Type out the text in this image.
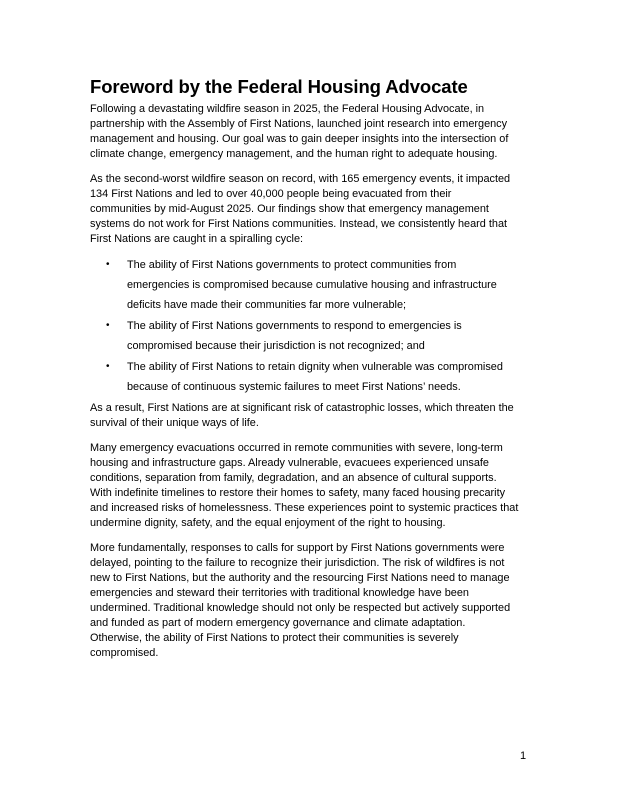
Foreword by the Federal Housing Advocate

Following a devastating wildfire season in 2025, the Federal Housing Advocate, in
partnership with the Assembly of First Nations, launched joint research into emergency
management and housing. Our goal was to gain deeper insights into the intersection of
climate change, emergency management, and the human right to adequate housing.

As the second-worst wildfire season on record, with 165 emergency events, it impacted
134 First Nations and led to over 40,000 people being evacuated from their
communities by mid-August 2025. Our findings show that emergency management
systems do not work for First Nations communities. Instead, we consistently heard that
First Nations are caught in a spiralling cycle:

• The ability of First Nations governments to protect communities from
emergencies is compromised because cumulative housing and infrastructure
deficits have made their communities far more vulnerable;
• The ability of First Nations governments to respond to emergencies is
compromised because their jurisdiction is not recognized; and
• The ability of First Nations to retain dignity when vulnerable was compromised
because of continuous systemic failures to meet First Nations’ needs.

As a result, First Nations are at significant risk of catastrophic losses, which threaten the
survival of their unique ways of life.

Many emergency evacuations occurred in remote communities with severe, long-term
housing and infrastructure gaps. Already vulnerable, evacuees experienced unsafe
conditions, separation from family, degradation, and an absence of cultural supports.
With indefinite timelines to restore their homes to safety, many faced housing precarity
and increased risks of homelessness. These experiences point to systemic practices that
undermine dignity, safety, and the equal enjoyment of the right to housing.

More fundamentally, responses to calls for support by First Nations governments were
delayed, pointing to the failure to recognize their jurisdiction. The risk of wildfires is not
new to First Nations, but the authority and the resourcing First Nations need to manage
emergencies and steward their territories with traditional knowledge have been
undermined. Traditional knowledge should not only be respected but actively supported
and funded as part of modern emergency governance and climate adaptation.
Otherwise, the ability of First Nations to protect their communities is severely
compromised.

1
